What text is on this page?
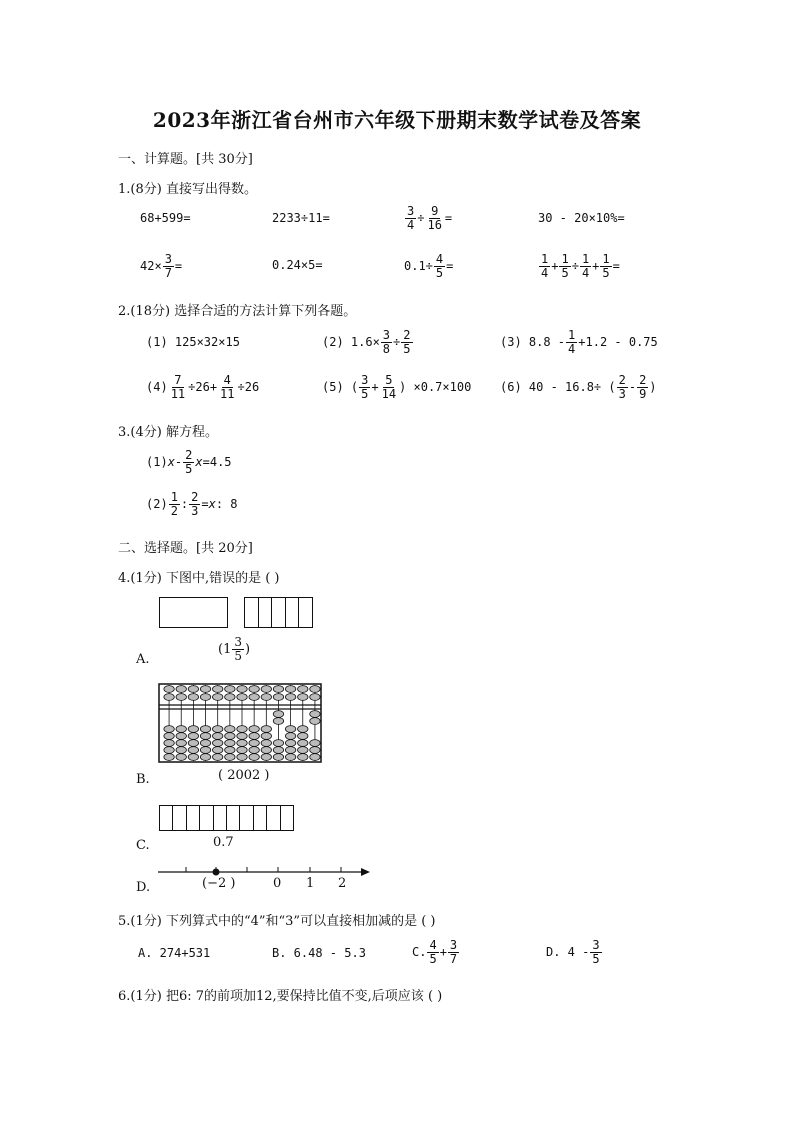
2023年浙江省台州市六年级下册期末数学试卷及答案
一、计算题。[共 30分]
1.(8分) 直接写出得数。
68+599=	2233÷11=	$\frac{3}{4} \div \frac{9}{16}$ =	30 - 20×10%=
$42\times \frac{3}{7}$ =	0.24×5=	$0.1\div \frac{4}{5}$ =	$\frac{1}{4} + \frac{1}{5} \div \frac{1}{4} + \frac{1}{5}$ =
2.(18分) 选择合适的方法计算下列各题。
(1) 125×32×15	(2) $1.6\times \frac{3}{8} \div \frac{2}{5}$	(3) $8.8 - \frac{1}{4} +1.2 - 0.75$
$(4) \frac{7}{11} \div 26+ \frac{4}{11} \div 26$	(5) ( $\frac{3}{5} + \frac{5}{14}$ ) ×0.7×100 (6) 40 - 16.8÷ ( $\frac{2}{3} - \frac{2}{9}$ )
3.(4分) 解方程。
(1) x - $\frac{2}{5}$ x =4.5
$(2) \frac{1}{2}$ : $\frac{2}{3} = x$ : 8
二、选择题。[共 20分]
4.(1分) 下图中,错误的是 ( )
A.
($1 \frac{3}{5}$ )
B.	( 2002 )
C.	0.7
D.	(−2 )	0 1 2
5.(1分) 下列算式中的“4”和“3”可以直接相加减的是 ( )
A. 274+531	B. 6.48 - 5.3	C. $\frac{4}{5} + \frac{3}{7}$	D. $4 - \frac{3}{5}$
6.(1分) 把6: 7的前项加12,要保持比值不变,后项应该 ( )
